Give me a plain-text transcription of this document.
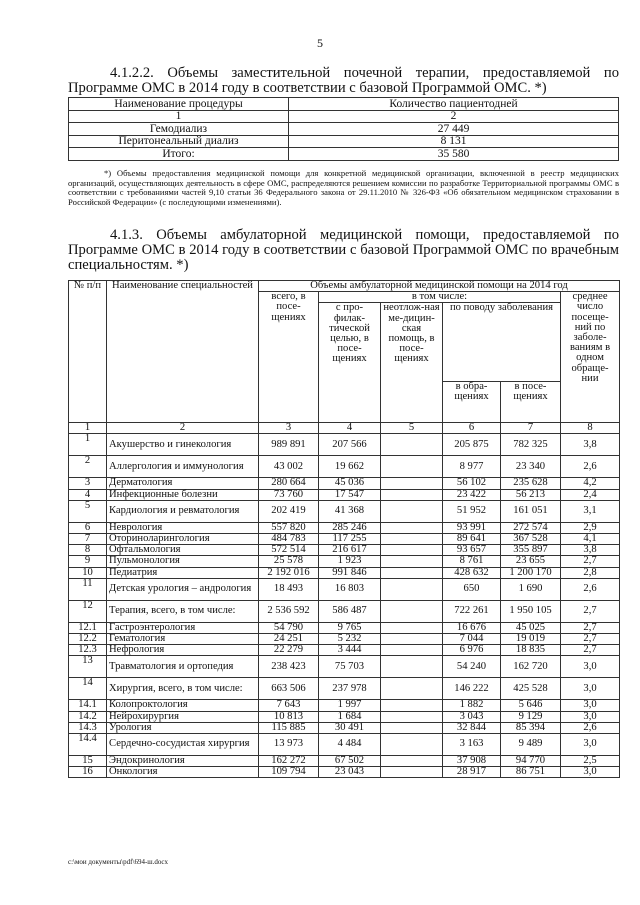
5
4.1.2.2. Объемы заместительной почечной терапии, предоставляемой по Программе ОМС в 2014 году в соответствии с базовой Программой ОМС. *)
Наименование процедуры	Количество пациентодней
1	2
Гемодиализ	27 449
Перитонеальный диализ	8 131
Итого:	35 580
*) Объемы предоставления медицинской помощи для конкретной медицинской организации, включенной в реестр медицинских организаций, осуществляющих деятельность в сфере ОМС, распределяются решением комиссии по разработке Территориальной программы ОМС в соответствии с требованиями частей 9,10 статьи 36 Федерального закона от 29.11.2010 № 326-ФЗ «Об обязательном медицинском страховании в Российской Федерации» (с последующими изменениями).
4.1.3. Объемы амбулаторной медицинской помощи, предоставляемой по Программе ОМС в 2014 году в соответствии с базовой Программой ОМС по врачебным специальностям. *)
№ п/п	Наименование специальностей	Объемы амбулаторной медицинской помощи на 2014 год					
		всего, в посе-щениях	в том числе:				среднее число посеще-ний по заболе-ваниям в одном обраще-нии
			с про-филак-тической целью, в посе-щениях	неотлож-ная ме-дицин-ская помощь, в посе-щениях	по поводу заболевания		
					в обра-щениях	в посе-щениях	
1	2	3	4	5	6	7	8
1	Акушерство и гинекология	989 891	207 566		205 875	782 325	3,8
2	Аллергология и иммунология	43 002	19 662		8 977	23 340	2,6
3	Дерматология	280 664	45 036		56 102	235 628	4,2
4	Инфекционные болезни	73 760	17 547		23 422	56 213	2,4
5	Кардиология и ревматология	202 419	41 368		51 952	161 051	3,1
6	Неврология	557 820	285 246		93 991	272 574	2,9
7	Оториноларингология	484 783	117 255		89 641	367 528	4,1
8	Офтальмология	572 514	216 617		93 657	355 897	3,8
9	Пульмонология	25 578	1 923		8 761	23 655	2,7
10	Педиатрия	2 192 016	991 846		428 632	1 200 170	2,8
11	Детская урология – андрология	18 493	16 803		650	1 690	2,6
12	Терапия, всего, в том числе:	2 536 592	586 487		722 261	1 950 105	2,7
12.1	Гастроэнтерология	54 790	9 765		16 676	45 025	2,7
12.2	Гематология	24 251	5 232		7 044	19 019	2,7
12.3	Нефрология	22 279	3 444		6 976	18 835	2,7
13	Травматология и ортопедия	238 423	75 703		54 240	162 720	3,0
14	Хирургия, всего, в том числе:	663 506	237 978		146 222	425 528	3,0
14.1	Колопроктология	7 643	1 997		1 882	5 646	3,0
14.2	Нейрохирургия	10 813	1 684		3 043	9 129	3,0
14.3	Урология	115 885	30 491		32 844	85 394	2,6
14.4	Сердечно-сосудистая хирургия	13 973	4 484		3 163	9 489	3,0
15	Эндокринология	162 272	67 502		37 908	94 770	2,5
16	Онкология	109 794	23 043		28 917	86 751	3,0
c:\мои документы\pdf\694-ш.docx
